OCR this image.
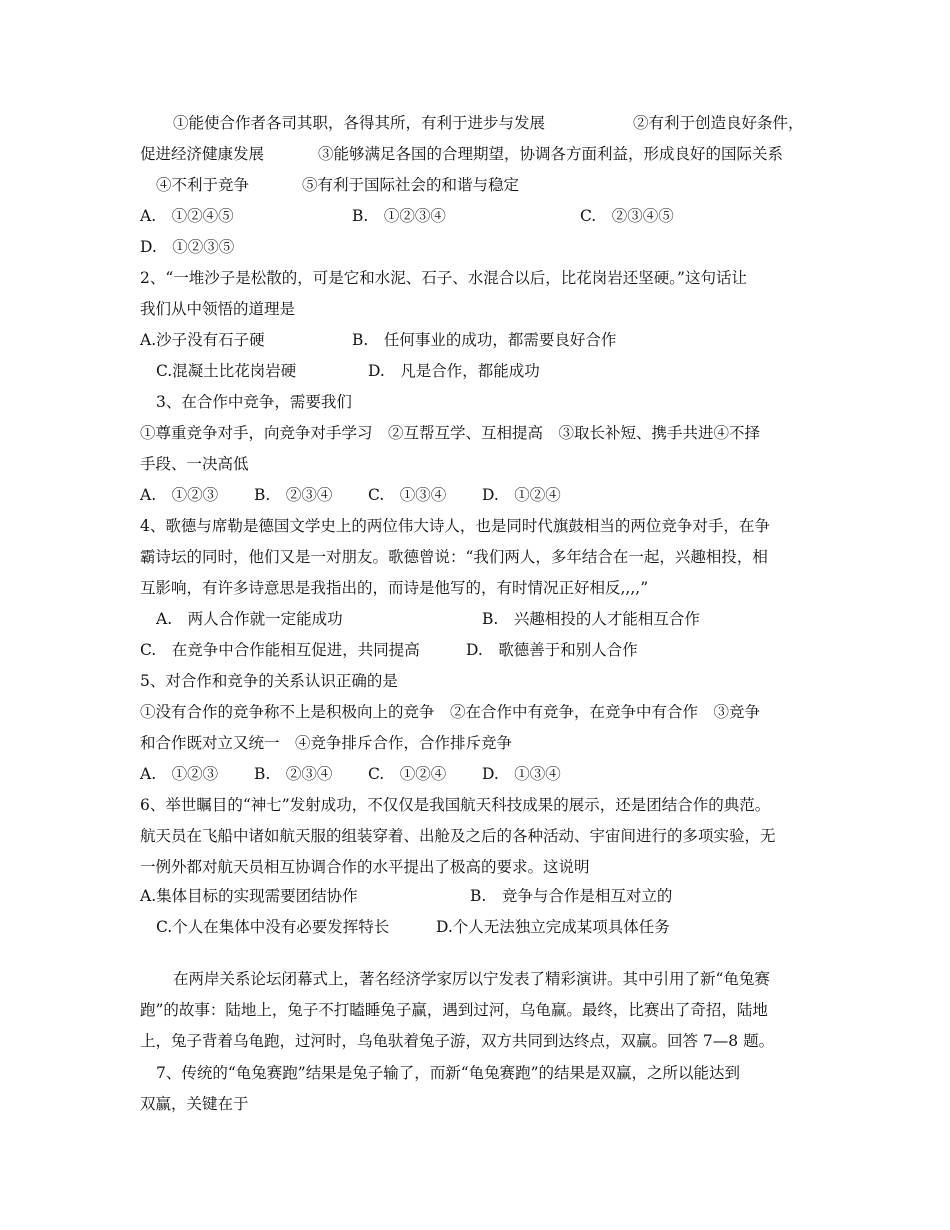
①能使合作者各司其职，各得其所，有利于进步与发展	②有利于创造良好条件，
促进经济健康发展	③能够满足各国的合理期望，协调各方面利益，形成良好的国际关系
④不利于竞争	⑤有利于国际社会的和谐与稳定
A.　①②④⑤	B.　①②③④	C.　②③④⑤
D.　①②③⑤
2、“一堆沙子是松散的，可是它和水泥、石子、水混合以后，比花岗岩还坚硬。”这句话让
我们从中领悟的道理是
A.沙子没有石子硬	B.　任何事业的成功，都需要良好合作
C.混凝土比花岗岩硬	D.　凡是合作，都能成功
3、在合作中竞争，需要我们
①尊重竞争对手，向竞争对手学习　②互帮互学、互相提高　③取长补短、携手共进④不择
手段、一决高低
A.　①②③ B.　②③④ C.　①③④ D.　①②④
4、歌德与席勒是德国文学史上的两位伟大诗人，也是同时代旗鼓相当的两位竞争对手，在争
霸诗坛的同时，他们又是一对朋友。歌德曾说：“我们两人，多年结合在一起，兴趣相投，相
互影响，有许多诗意思是我指出的，而诗是他写的，有时情况正好相反,,,,”
A.　两人合作就一定能成功	B.　兴趣相投的人才能相互合作
C.　在竞争中合作能相互促进，共同提高	D.　歌德善于和别人合作
5、对合作和竞争的关系认识正确的是
①没有合作的竞争称不上是积极向上的竞争　②在合作中有竞争，在竞争中有合作　③竞争
和合作既对立又统一　④竞争排斥合作，合作排斥竞争
A.　①②③ B.　②③④ C.　①②④ D.　①③④
6、举世瞩目的“神七”发射成功，不仅仅是我国航天科技成果的展示，还是团结合作的典范。
航天员在飞船中诸如航天服的组装穿着、出舱及之后的各种活动、宇宙间进行的多项实验，无
一例外都对航天员相互协调合作的水平提出了极高的要求。这说明
A.集体目标的实现需要团结协作	B.　竞争与合作是相互对立的
C.个人在集体中没有必要发挥特长	D.个人无法独立完成某项具体任务
在两岸关系论坛闭幕式上，著名经济学家厉以宁发表了精彩演讲。其中引用了新“龟兔赛
跑”的故事：陆地上，兔子不打瞌睡兔子赢，遇到过河，乌龟赢。最终，比赛出了奇招，陆地
上，兔子背着乌龟跑，过河时，乌龟驮着兔子游，双方共同到达终点，双赢。回答 7—8 题。
7、传统的“龟兔赛跑”结果是兔子输了，而新“龟兔赛跑”的结果是双赢，之所以能达到
双赢，关键在于
